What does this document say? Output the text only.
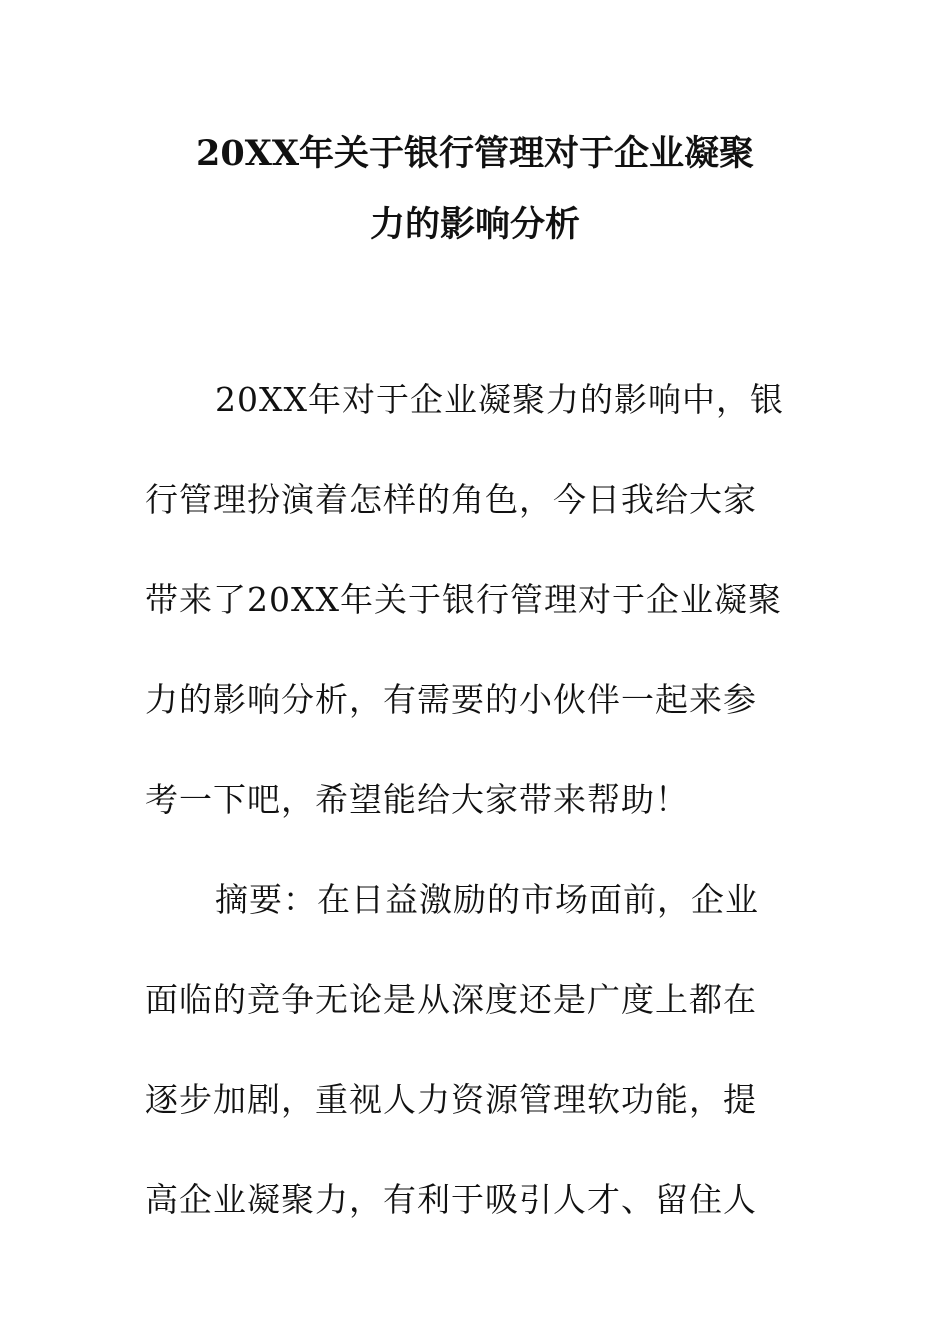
20XX年关于银行管理对于企业凝聚
力的影响分析
20XX年对于企业凝聚力的影响中，银
行管理扮演着怎样的角色，今日我给大家
带来了20XX年关于银行管理对于企业凝聚
力的影响分析，有需要的小伙伴一起来参
考一下吧，希望能给大家带来帮助！
摘要：在日益激励的市场面前，企业
面临的竞争无论是从深度还是广度上都在
逐步加剧，重视人力资源管理软功能，提
高企业凝聚力，有利于吸引人才、留住人
